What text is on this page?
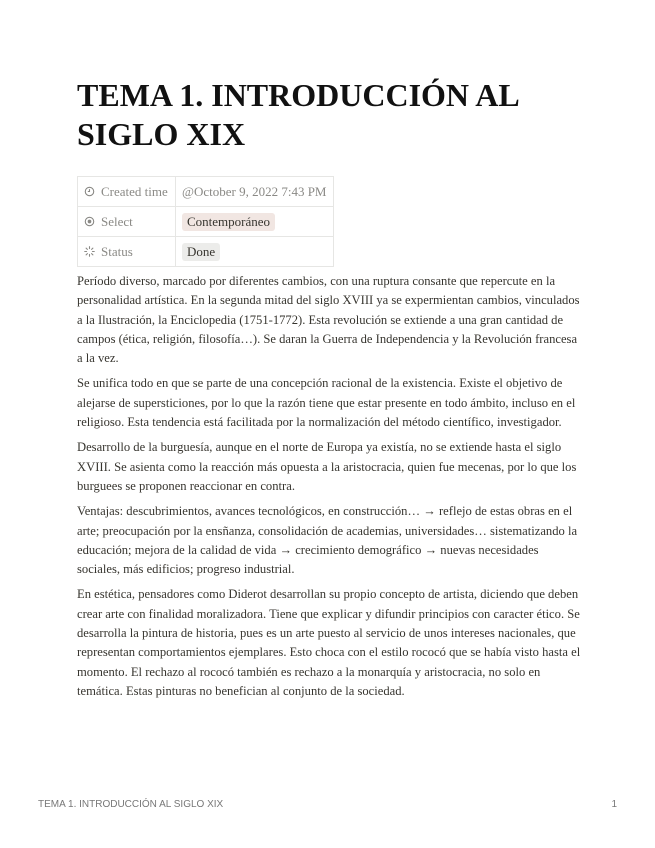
TEMA 1. INTRODUCCIÓN AL SIGLO XIX
Created time	@October 9, 2022 7:43 PM
Select	Contemporáneo
Status	Done

Período diverso, marcado por diferentes cambios, con una ruptura consante que repercute en la personalidad artística. En la segunda mitad del siglo XVIII ya se expermientan cambios, vinculados a la Ilustración, la Enciclopedia (1751-1772). Esta revolución se extiende a una gran cantidad de campos (ética, religión, filosofía…). Se daran la Guerra de Independencia y la Revolución francesa a la vez.

Se unifica todo en que se parte de una concepción racional de la existencia. Existe el objetivo de alejarse de supersticiones, por lo que la razón tiene que estar presente en todo ámbito, incluso en el religioso. Esta tendencia está facilitada por la normalización del método científico, investigador.

Desarrollo de la burguesía, aunque en el norte de Europa ya existía, no se extiende hasta el siglo XVIII. Se asienta como la reacción más opuesta a la aristocracia, quien fue mecenas, por lo que los burguees se proponen reaccionar en contra.

Ventajas: descubrimientos, avances tecnológicos, en construcción… → reflejo de estas obras en el arte; preocupación por la ensñanza, consolidación de academias, universidades… sistematizando la educación; mejora de la calidad de vida → crecimiento demográfico → nuevas necesidades sociales, más edificios; progreso industrial.

En estética, pensadores como Diderot desarrollan su propio concepto de artista, diciendo que deben crear arte con finalidad moralizadora. Tiene que explicar y difundir principios con caracter ético. Se desarrolla la pintura de historia, pues es un arte puesto al servicio de unos intereses nacionales, que representan comportamientos ejemplares. Esto choca con el estilo rococó que se había visto hasta el momento. El rechazo al rococó también es rechazo a la monarquía y aristocracia, no solo en temática. Estas pinturas no benefician al conjunto de la sociedad.

TEMA 1. INTRODUCCIÓN AL SIGLO XIX	1
